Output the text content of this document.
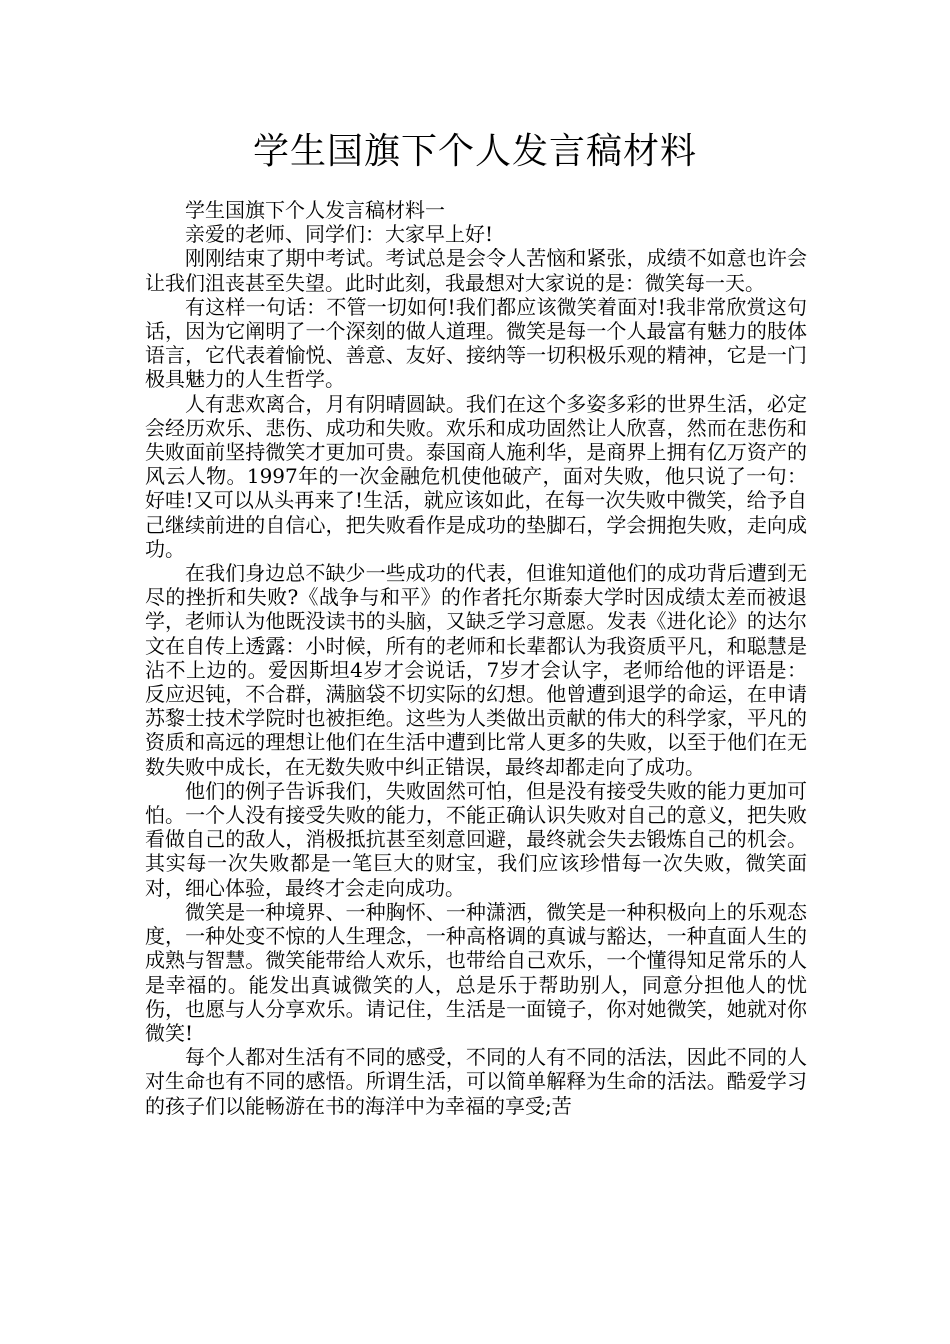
学生国旗下个人发言稿材料

学生国旗下个人发言稿材料一

亲爱的老师、同学们：大家早上好!

刚刚结束了期中考试。考试总是会令人苦恼和紧张，成绩不如意也许会让我们沮丧甚至失望。此时此刻，我最想对大家说的是：微笑每一天。

有这样一句话：不管一切如何!我们都应该微笑着面对!我非常欣赏这句话，因为它阐明了一个深刻的做人道理。微笑是每一个人最富有魅力的肢体语言，它代表着愉悦、善意、友好、接纳等一切积极乐观的精神，它是一门极具魅力的人生哲学。

人有悲欢离合，月有阴晴圆缺。我们在这个多姿多彩的世界生活，必定会经历欢乐、悲伤、成功和失败。欢乐和成功固然让人欣喜，然而在悲伤和失败面前坚持微笑才更加可贵。泰国商人施利华，是商界上拥有亿万资产的风云人物。1997年的一次金融危机使他破产，面对失败，他只说了一句：好哇!又可以从头再来了!生活，就应该如此，在每一次失败中微笑，给予自己继续前进的自信心，把失败看作是成功的垫脚石，学会拥抱失败，走向成功。

在我们身边总不缺少一些成功的代表，但谁知道他们的成功背后遭到无尽的挫折和失败?《战争与和平》的作者托尔斯泰大学时因成绩太差而被退学，老师认为他既没读书的头脑，又缺乏学习意愿。发表《进化论》的达尔文在自传上透露：小时候，所有的老师和长辈都认为我资质平凡，和聪慧是沾不上边的。爱因斯坦4岁才会说话，7岁才会认字，老师给他的评语是：反应迟钝，不合群，满脑袋不切实际的幻想。他曾遭到退学的命运，在申请苏黎士技术学院时也被拒绝。这些为人类做出贡献的伟大的科学家，平凡的资质和高远的理想让他们在生活中遭到比常人更多的失败，以至于他们在无数失败中成长，在无数失败中纠正错误，最终却都走向了成功。

他们的例子告诉我们，失败固然可怕，但是没有接受失败的能力更加可怕。一个人没有接受失败的能力，不能正确认识失败对自己的意义，把失败看做自己的敌人，消极抵抗甚至刻意回避，最终就会失去锻炼自己的机会。其实每一次失败都是一笔巨大的财宝，我们应该珍惜每一次失败，微笑面对，细心体验，最终才会走向成功。

微笑是一种境界、一种胸怀、一种潇洒，微笑是一种积极向上的乐观态度，一种处变不惊的人生理念，一种高格调的真诚与豁达，一种直面人生的成熟与智慧。微笑能带给人欢乐，也带给自己欢乐，一个懂得知足常乐的人是幸福的。能发出真诚微笑的人，总是乐于帮助别人，同意分担他人的忧伤，也愿与人分享欢乐。请记住，生活是一面镜子，你对她微笑，她就对你微笑!

每个人都对生活有不同的感受，不同的人有不同的活法，因此不同的人对生命也有不同的感悟。所谓生活，可以简单解释为生命的活法。酷爱学习的孩子们以能畅游在书的海洋中为幸福的享受;苦
